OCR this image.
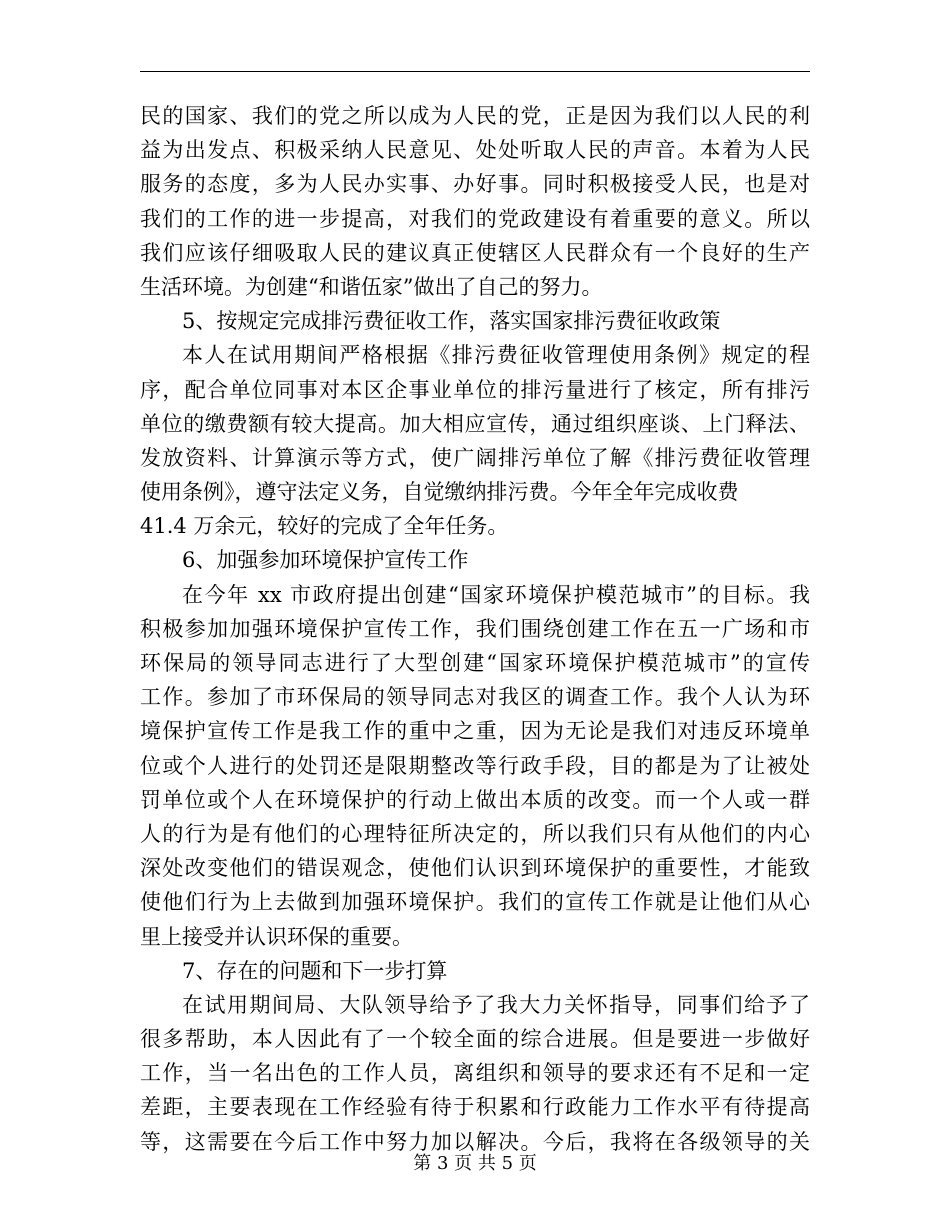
民的国家、我们的党之所以成为人民的党，正是因为我们以人民的利
益为出发点、积极采纳人民意见、处处听取人民的声音。本着为人民
服务的态度，多为人民办实事、办好事。同时积极接受人民，也是对
我们的工作的进一步提高，对我们的党政建设有着重要的意义。所以
我们应该仔细吸取人民的建议真正使辖区人民群众有一个良好的生产
生活环境。为创建“和谐伍家”做出了自己的努力。
5、按规定完成排污费征收工作，落实国家排污费征收政策
本人在试用期间严格根据《排污费征收管理使用条例》规定的程
序，配合单位同事对本区企事业单位的排污量进行了核定，所有排污
单位的缴费额有较大提高。加大相应宣传，通过组织座谈、上门释法、
发放资料、计算演示等方式，使广阔排污单位了解《排污费征收管理
使用条例》，遵守法定义务，自觉缴纳排污费。今年全年完成收费
41.4 万余元，较好的完成了全年任务。
6、加强参加环境保护宣传工作
在今年 xx 市政府提出创建“国家环境保护模范城市”的目标。我
积极参加加强环境保护宣传工作，我们围绕创建工作在五一广场和市
环保局的领导同志进行了大型创建“国家环境保护模范城市”的宣传
工作。参加了市环保局的领导同志对我区的调查工作。我个人认为环
境保护宣传工作是我工作的重中之重，因为无论是我们对违反环境单
位或个人进行的处罚还是限期整改等行政手段，目的都是为了让被处
罚单位或个人在环境保护的行动上做出本质的改变。而一个人或一群
人的行为是有他们的心理特征所决定的，所以我们只有从他们的内心
深处改变他们的错误观念，使他们认识到环境保护的重要性，才能致
使他们行为上去做到加强环境保护。我们的宣传工作就是让他们从心
里上接受并认识环保的重要。
7、存在的问题和下一步打算
在试用期间局、大队领导给予了我大力关怀指导，同事们给予了
很多帮助，本人因此有了一个较全面的综合进展。但是要进一步做好
工作，当一名出色的工作人员，离组织和领导的要求还有不足和一定
差距，主要表现在工作经验有待于积累和行政能力工作水平有待提高
等，这需要在今后工作中努力加以解决。今后，我将在各级领导的关
第 3 页 共 5 页
